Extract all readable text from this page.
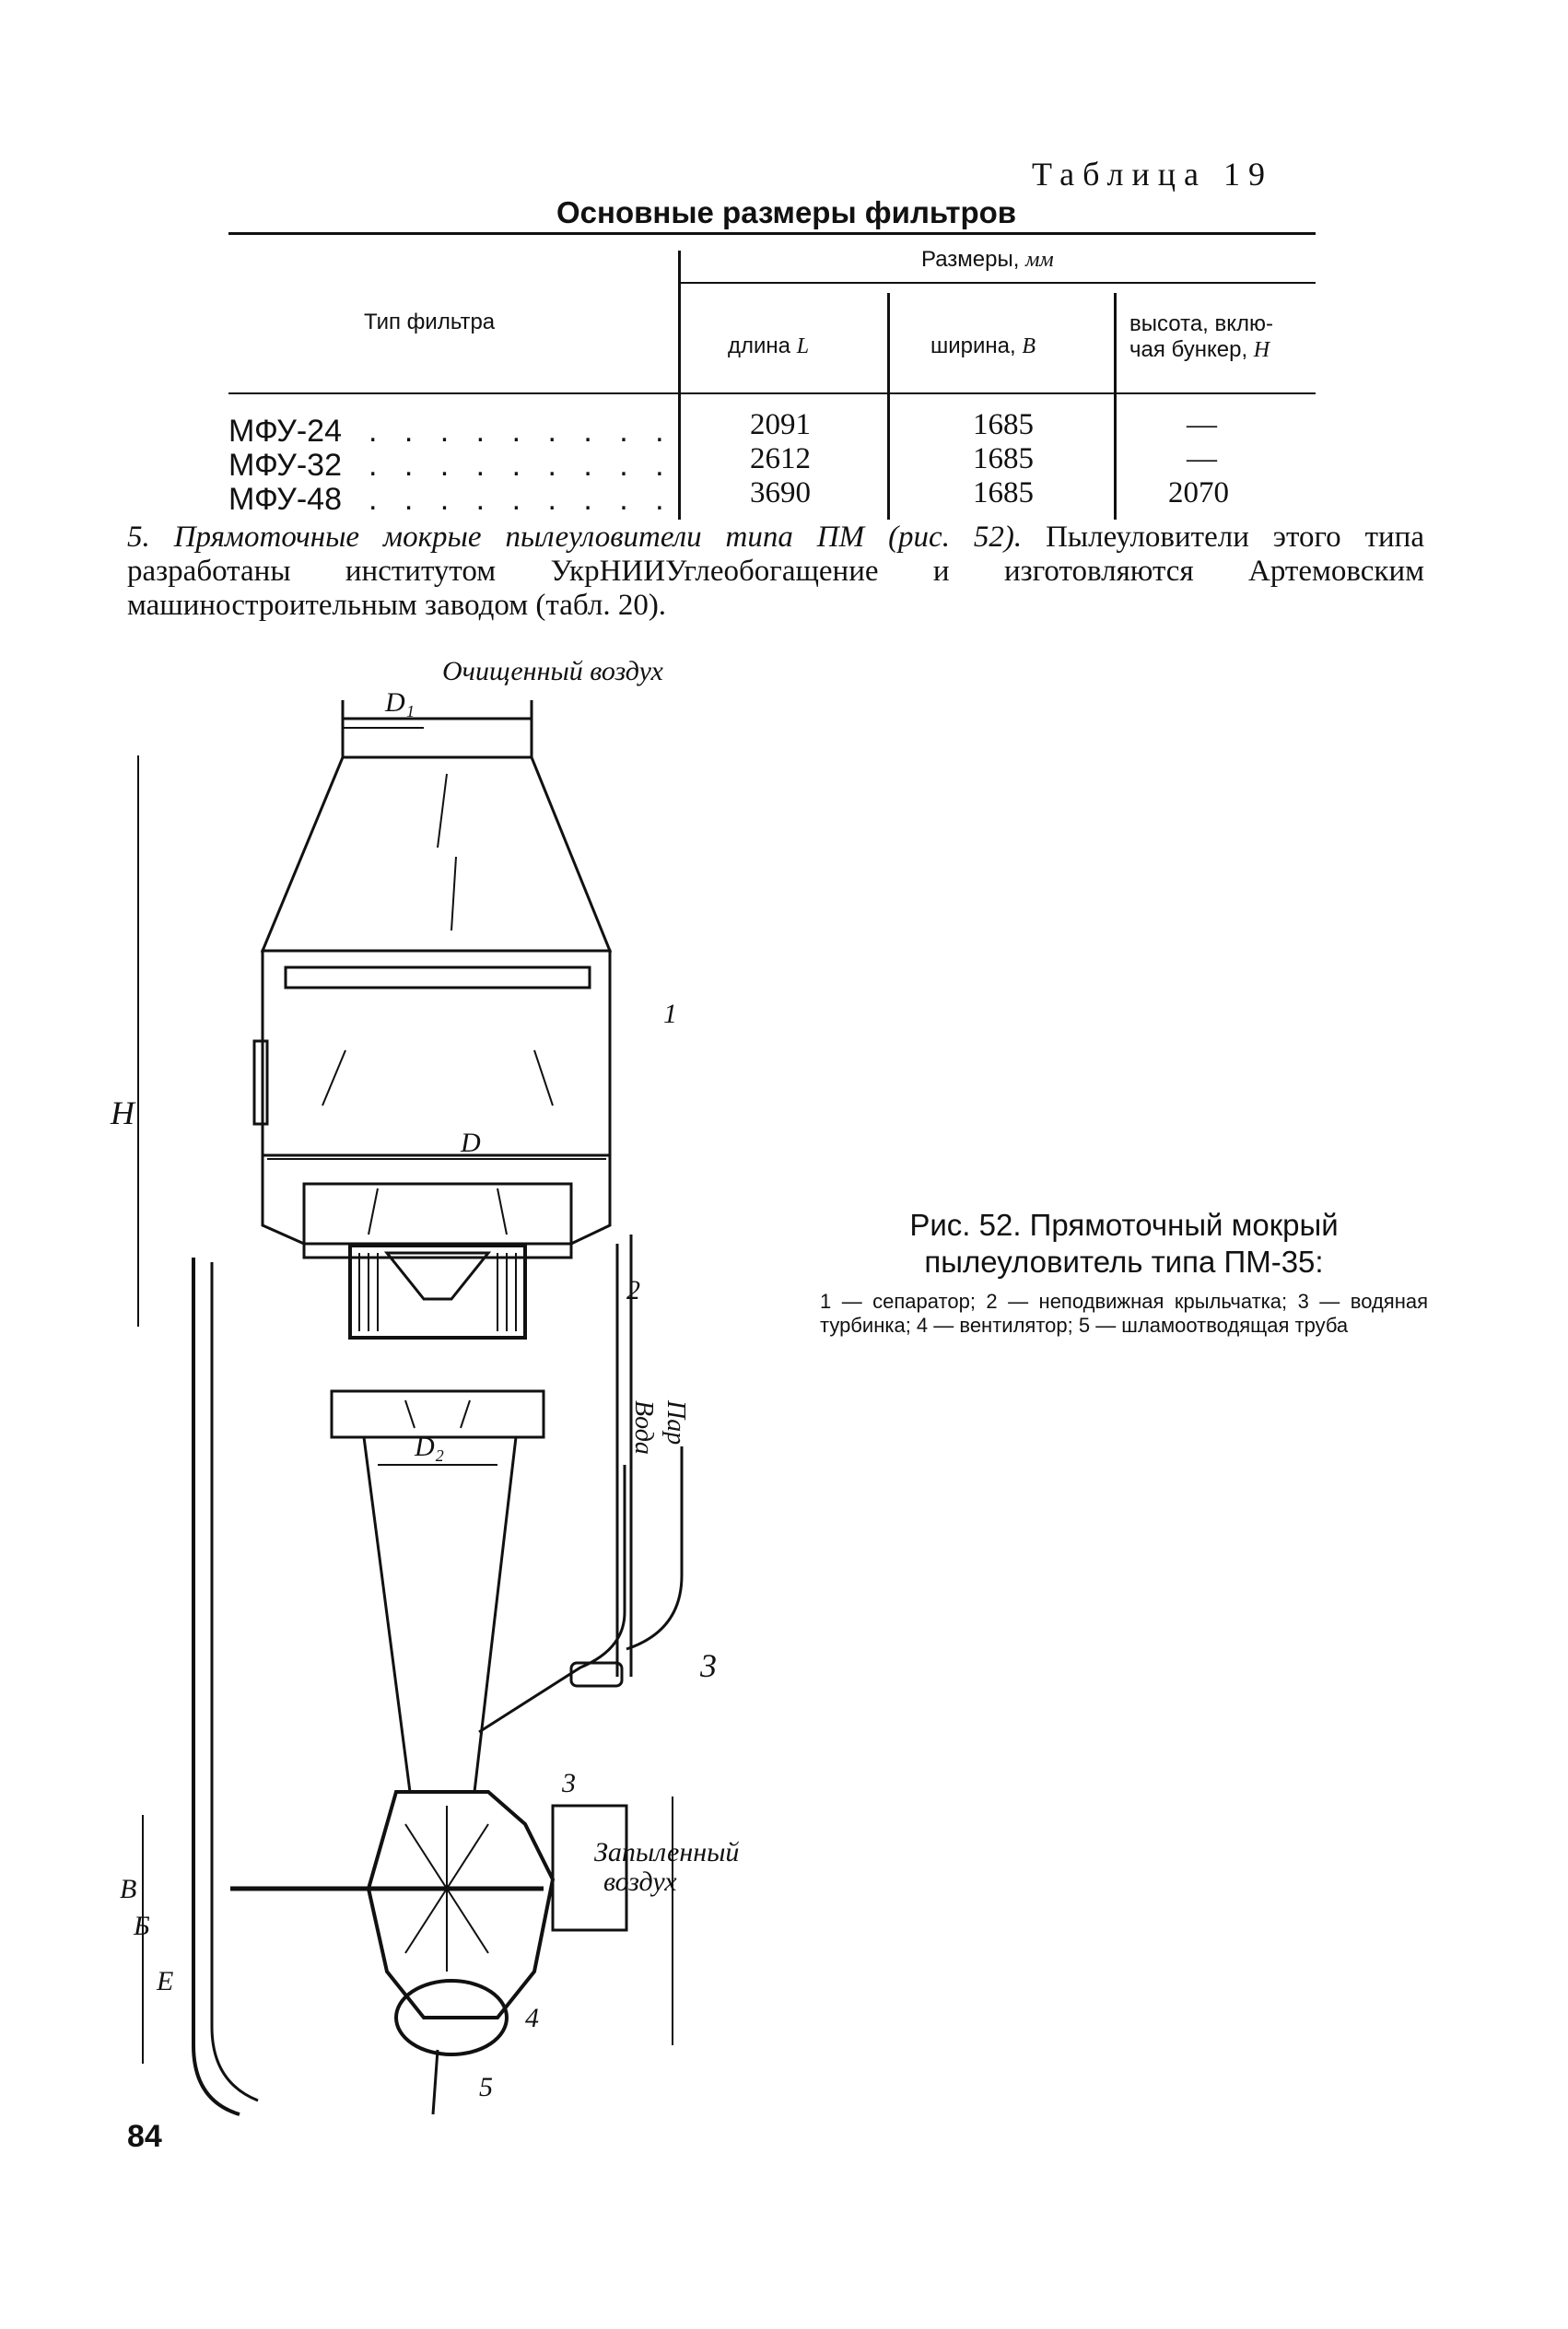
Таблица 19
Основные размеры фильтров
Тип фильтра
Размеры, мм
длина L	ширина, B
высота, вклю-
чая бункер, H
МФУ-24 . . . . . . . . .	2091	1685	—
МФУ-32 . . . . . . . . .	2612	1685	—
МФУ-48 . . . . . . . . .	3690	1685	2070
5. Прямоточные мокрые пылеуловители типа ПМ (рис. 52). Пылеуловители этого типа разработаны институтом УкрНИИУглеобогащение и изготовляются Артемовским машиностроительным заводом (табл. 20).
Очищенный воздух
D₁
D
D₂
H
Вода Пар
3
Запыленный
воздух
В
Б
Е
1
2
3
4
5
Рис. 52. Прямоточный мокрый пылеуловитель типа ПМ-35:
1 — сепаратор; 2 — неподвижная крыльчатка; 3 — водяная турбинка; 4 — вентилятор; 5 — шламоотводящая труба
84
